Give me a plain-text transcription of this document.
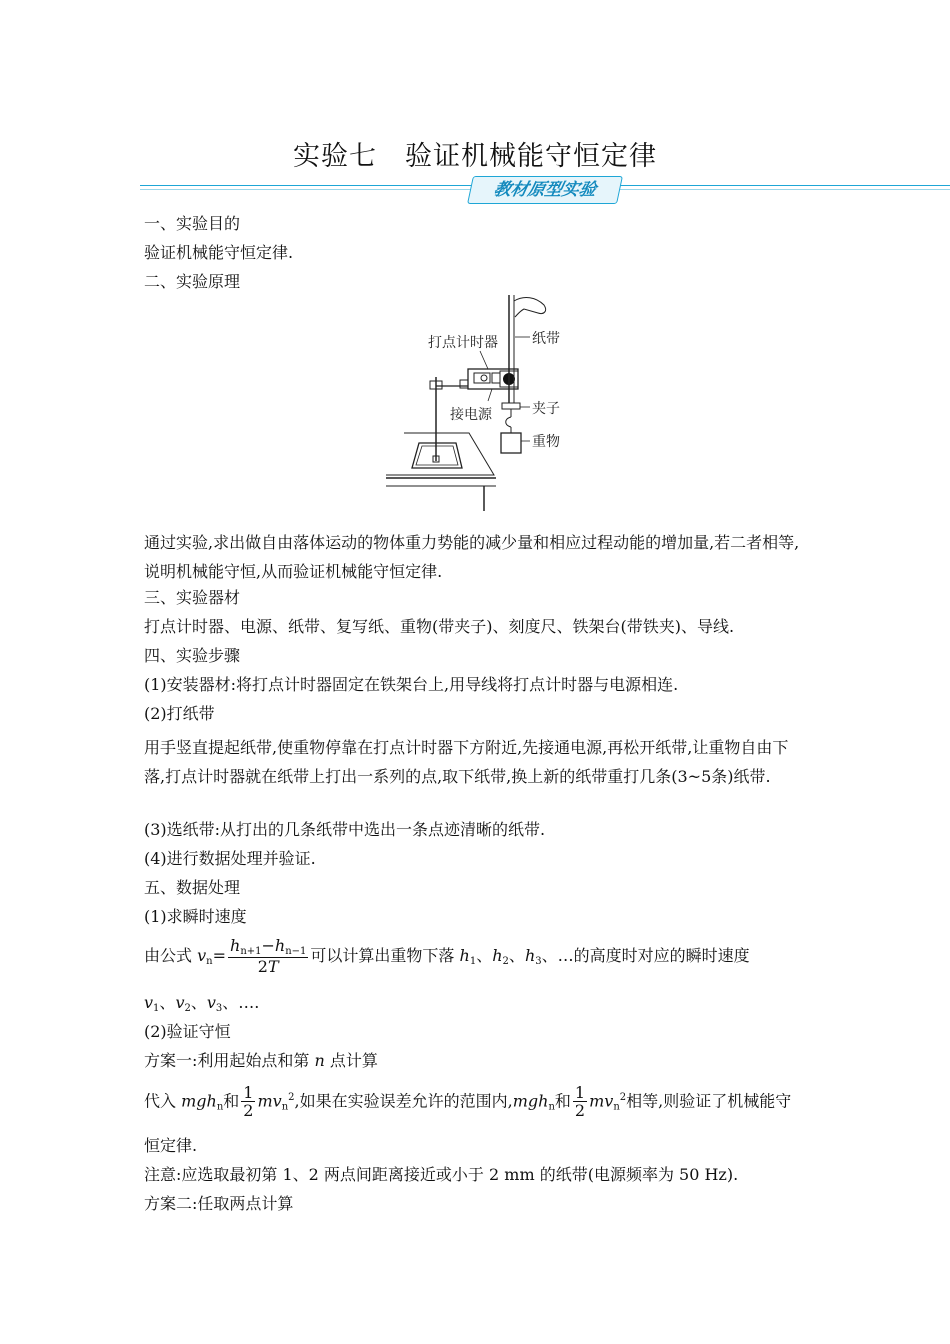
实验七　验证机械能守恒定律
教材原型实验
一、实验目的
验证机械能守恒定律.
二、实验原理
打点计时器 纸带
接电源	夹子
重物
通过实验,求出做自由落体运动的物体重力势能的减少量和相应过程动能的增加量,若二者相等,说明机械能守恒,从而验证机械能守恒定律.
三、实验器材
打点计时器、电源、纸带、复写纸、重物(带夹子)、刻度尺、铁架台(带铁夹)、导线.
四、实验步骤
(1)安装器材:将打点计时器固定在铁架台上,用导线将打点计时器与电源相连.
(2)打纸带
用手竖直提起纸带,使重物停靠在打点计时器下方附近,先接通电源,再松开纸带,让重物自由下落,打点计时器就在纸带上打出一系列的点,取下纸带,换上新的纸带重打几条(3~5条)纸带.
(3)选纸带:从打出的几条纸带中选出一条点迹清晰的纸带.
(4)进行数据处理并验证.
五、数据处理
(1)求瞬时速度
由公式 $v_n= \frac{h_{n+1}-h_{n-1}}{2T}$ 可以计算出重物下落 $h_1$、$h_2$、$h_3$、…的高度时对应的瞬时速度
$v_1$、$v_2$、$v_3$、….
(2)验证守恒
方案一:利用起始点和第 n 点计算
代入 mgh$_n$和 $\frac{1}{2} mv_n^2$,如果在实验误差允许的范围内,mgh$_n$和 $\frac{1}{2} mv_n^2$相等,则验证了机械能守
恒定律.
注意:应选取最初第 1、2 两点间距离接近或小于 2 mm 的纸带(电源频率为 50 Hz).
方案二:任取两点计算
